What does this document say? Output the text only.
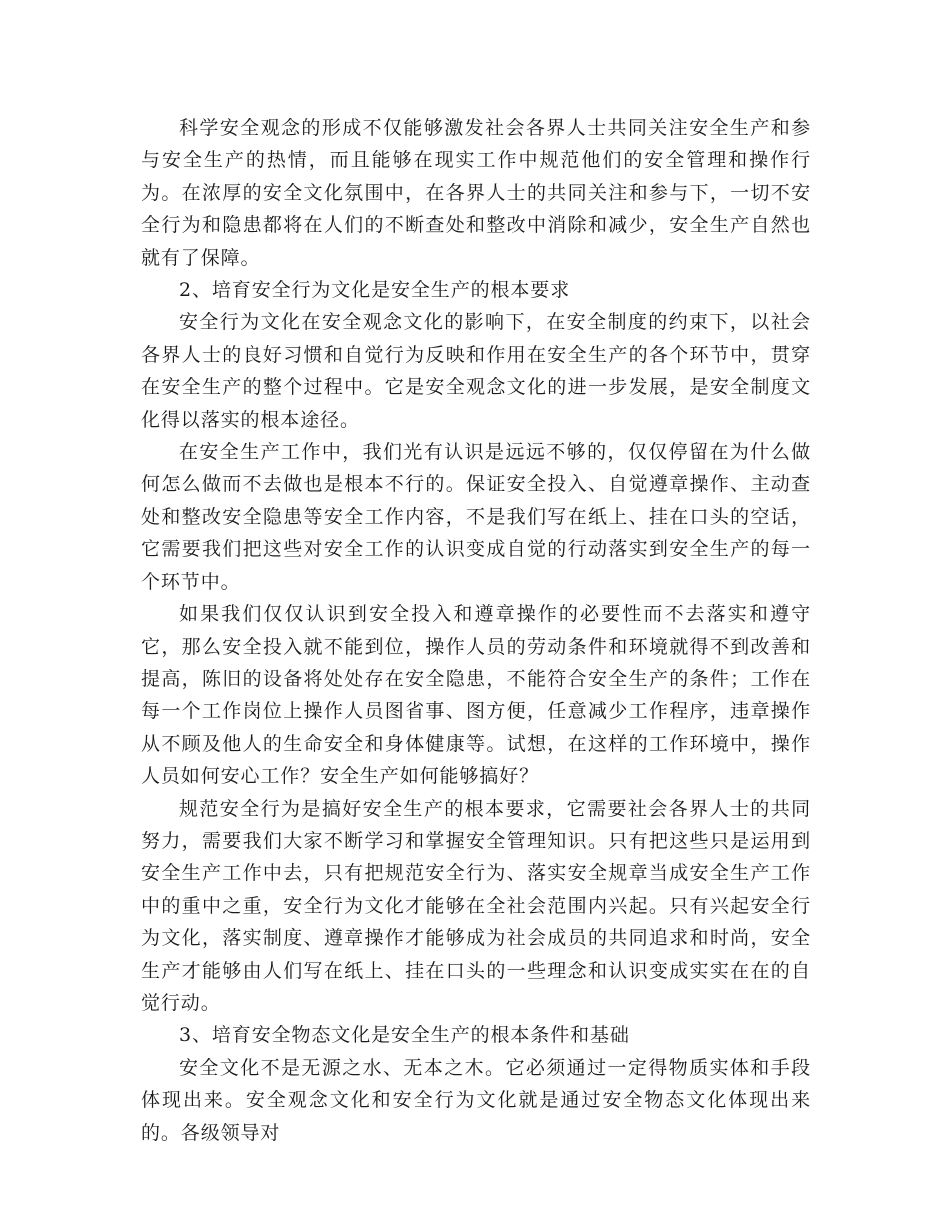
科学安全观念的形成不仅能够激发社会各界人士共同关注安全生产和参与安全生产的热情，而且能够在现实工作中规范他们的安全管理和操作行为。在浓厚的安全文化氛围中，在各界人士的共同关注和参与下，一切不安全行为和隐患都将在人们的不断查处和整改中消除和减少，安全生产自然也就有了保障。

2、培育安全行为文化是安全生产的根本要求

安全行为文化在安全观念文化的影响下，在安全制度的约束下，以社会各界人士的良好习惯和自觉行为反映和作用在安全生产的各个环节中，贯穿在安全生产的整个过程中。它是安全观念文化的进一步发展，是安全制度文化得以落实的根本途径。

在安全生产工作中，我们光有认识是远远不够的，仅仅停留在为什么做何怎么做而不去做也是根本不行的。保证安全投入、自觉遵章操作、主动查处和整改安全隐患等安全工作内容，不是我们写在纸上、挂在口头的空话，它需要我们把这些对安全工作的认识变成自觉的行动落实到安全生产的每一个环节中。

如果我们仅仅认识到安全投入和遵章操作的必要性而不去落实和遵守它，那么安全投入就不能到位，操作人员的劳动条件和环境就得不到改善和提高，陈旧的设备将处处存在安全隐患，不能符合安全生产的条件；工作在每一个工作岗位上操作人员图省事、图方便，任意减少工作程序，违章操作从不顾及他人的生命安全和身体健康等。试想，在这样的工作环境中，操作人员如何安心工作？安全生产如何能够搞好？

规范安全行为是搞好安全生产的根本要求，它需要社会各界人士的共同努力，需要我们大家不断学习和掌握安全管理知识。只有把这些只是运用到安全生产工作中去，只有把规范安全行为、落实安全规章当成安全生产工作中的重中之重，安全行为文化才能够在全社会范围内兴起。只有兴起安全行为文化，落实制度、遵章操作才能够成为社会成员的共同追求和时尚，安全生产才能够由人们写在纸上、挂在口头的一些理念和认识变成实实在在的自觉行动。

3、培育安全物态文化是安全生产的根本条件和基础

安全文化不是无源之水、无本之木。它必须通过一定得物质实体和手段体现出来。安全观念文化和安全行为文化就是通过安全物态文化体现出来的。各级领导对
